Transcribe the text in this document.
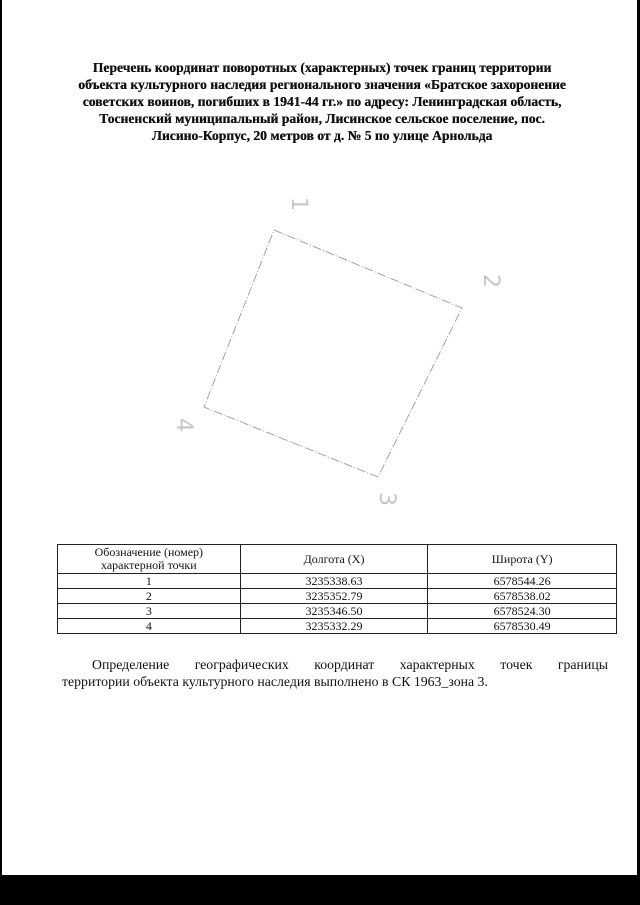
Перечень координат поворотных (характерных) точек границ территории
объекта культурного наследия регионального значения «Братское захоронение
советских воинов, погибших в 1941-44 гг.» по адресу: Ленинградская область,
Тосненский муниципальный район, Лисинское сельское поселение, пос.
Лисино-Корпус, 20 метров от д. № 5 по улице Арнольда
1
2
3
4
Обозначение (номер) характерной точки	Долгота (X)	Широта (Y)
1	3235338.63	6578544.26
2	3235352.79	6578538.02
3	3235346.50	6578524.30
4	3235332.29	6578530.49
Определение географических координат характерных точек границы
территории объекта культурного наследия выполнено в СК 1963_зона 3.
